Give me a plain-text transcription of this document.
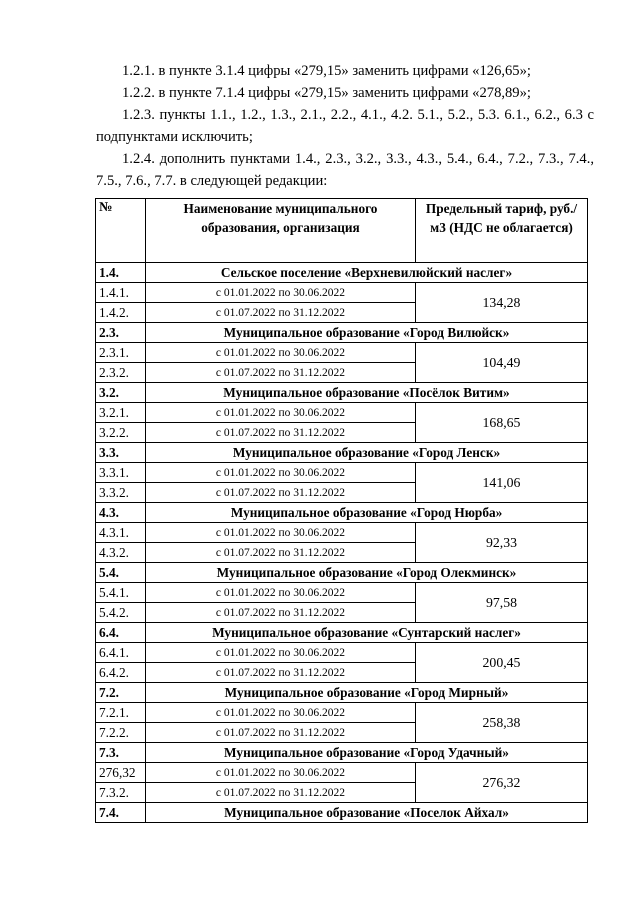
1.2.1. в пункте 3.1.4 цифры «279,15» заменить цифрами «126,65»;
1.2.2. в пункте 7.1.4 цифры «279,15» заменить цифрами «278,89»;
1.2.3. пункты 1.1., 1.2., 1.3., 2.1., 2.2., 4.1., 4.2. 5.1., 5.2., 5.3. 6.1., 6.2., 6.3 с подпунктами исключить;
1.2.4. дополнить пунктами 1.4., 2.3., 3.2., 3.3., 4.3., 5.4., 6.4., 7.2., 7.3., 7.4., 7.5., 7.6., 7.7. в следующей редакции:
№	Наименование муниципального образования, организация	Предельный тариф, руб./м3 (НДС не облагается)
1.4.	Сельское поселение «Верхневилюйский наслег»	
1.4.1.	с 01.01.2022 по 30.06.2022	134,28
1.4.2.	с 01.07.2022 по 31.12.2022	
2.3.	Муниципальное образование «Город Вилюйск»	
2.3.1.	с 01.01.2022 по 30.06.2022	104,49
2.3.2.	с 01.07.2022 по 31.12.2022	
3.2.	Муниципальное образование «Посёлок Витим»	
3.2.1.	с 01.01.2022 по 30.06.2022	168,65
3.2.2.	с 01.07.2022 по 31.12.2022	
3.3.	Муниципальное образование «Город Ленск»	
3.3.1.	с 01.01.2022 по 30.06.2022	141,06
3.3.2.	с 01.07.2022 по 31.12.2022	
4.3.	Муниципальное образование «Город Нюрба»	
4.3.1.	с 01.01.2022 по 30.06.2022	92,33
4.3.2.	с 01.07.2022 по 31.12.2022	
5.4.	Муниципальное образование «Город Олекминск»	
5.4.1.	с 01.01.2022 по 30.06.2022	97,58
5.4.2.	с 01.07.2022 по 31.12.2022	
6.4.	Муниципальное образование «Сунтарский наслег»	
6.4.1.	с 01.01.2022 по 30.06.2022	200,45
6.4.2.	с 01.07.2022 по 31.12.2022	
7.2.	Муниципальное образование «Город Мирный»	
7.2.1.	с 01.01.2022 по 30.06.2022	258,38
7.2.2.	с 01.07.2022 по 31.12.2022	
7.3.	Муниципальное образование «Город Удачный»	
276,32	с 01.01.2022 по 30.06.2022	276,32
7.3.2.	с 01.07.2022 по 31.12.2022	
7.4.	Муниципальное образование «Поселок Айхал»	
